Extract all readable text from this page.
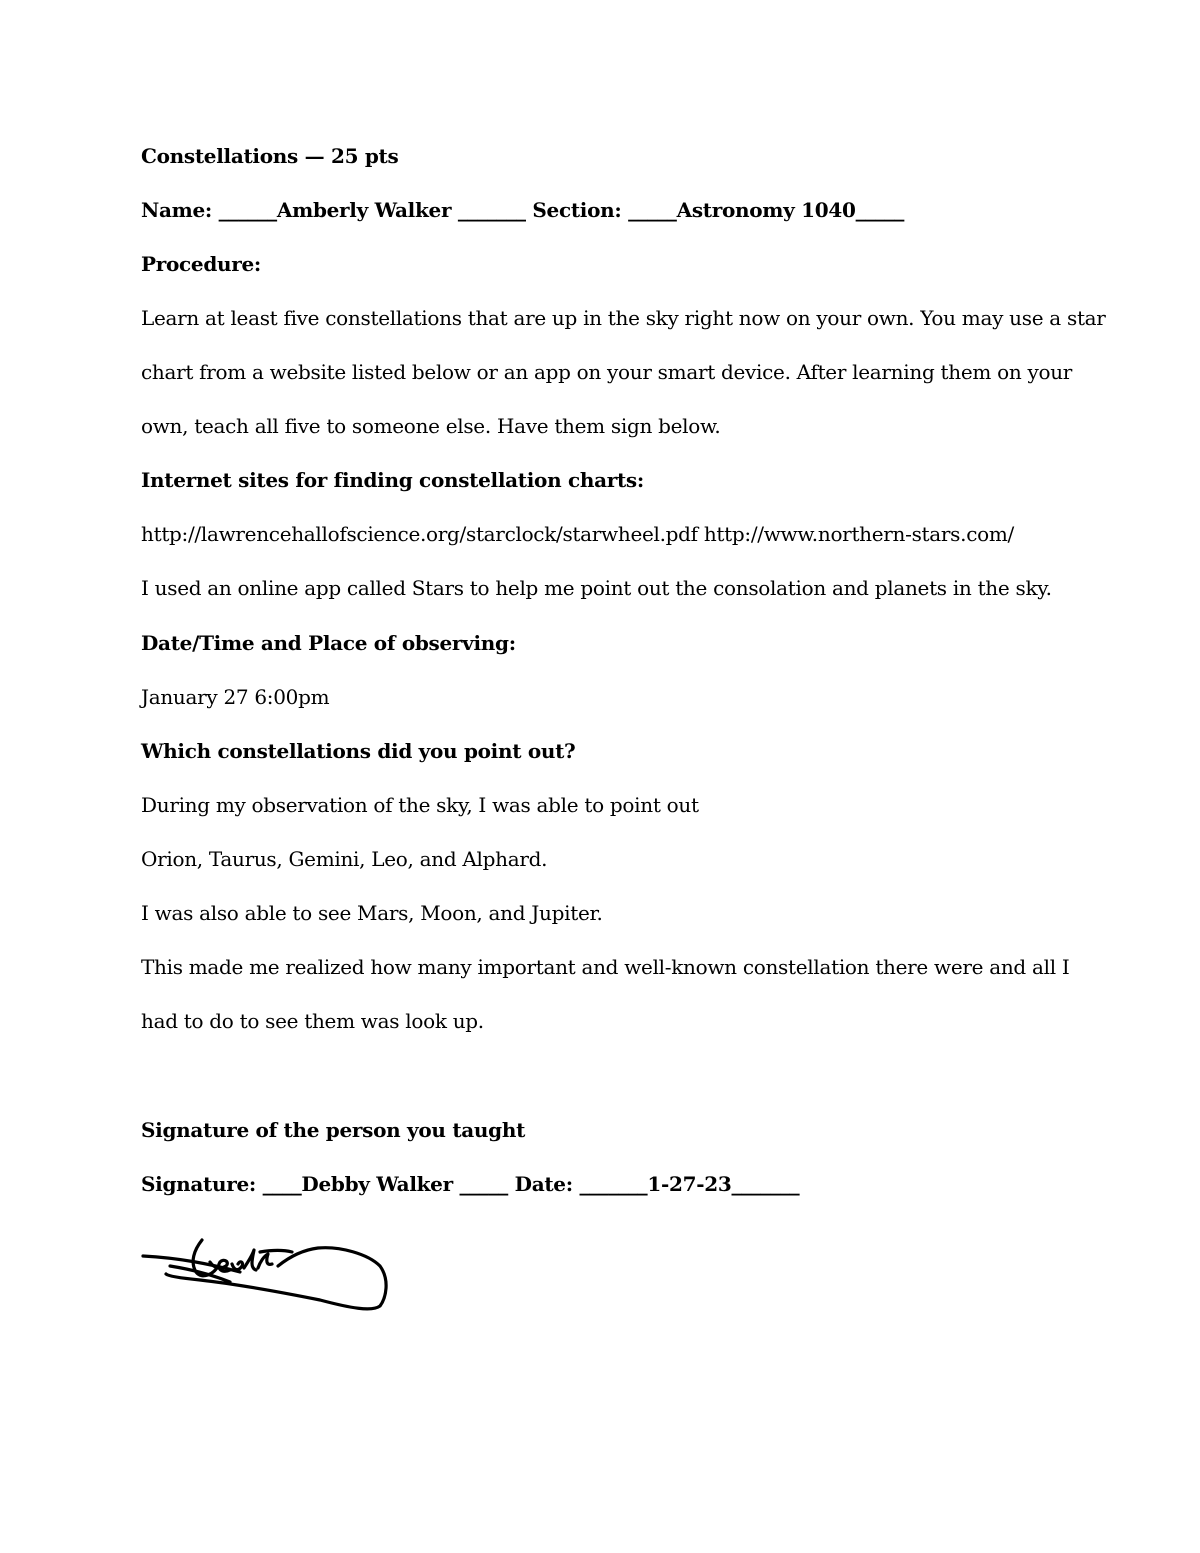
Constellations — 25 pts
Name: ______Amberly Walker _______ Section: _____Astronomy 1040_____
Procedure:
Learn at least five constellations that are up in the sky right now on your own. You may use a star
chart from a website listed below or an app on your smart device. After learning them on your
own, teach all five to someone else. Have them sign below.
Internet sites for finding constellation charts:
http://lawrencehallofscience.org/starclock/starwheel.pdf http://www.northern-stars.com/
I used an online app called Stars to help me point out the consolation and planets in the sky.
Date/Time and Place of observing:
January 27 6:00pm
Which constellations did you point out?
During my observation of the sky, I was able to point out
Orion, Taurus, Gemini, Leo, and Alphard.
I was also able to see Mars, Moon, and Jupiter.
This made me realized how many important and well-known constellation there were and all I
had to do to see them was look up.
Signature of the person you taught
Signature: ____Debby Walker _____ Date: _______1-27-23_______
